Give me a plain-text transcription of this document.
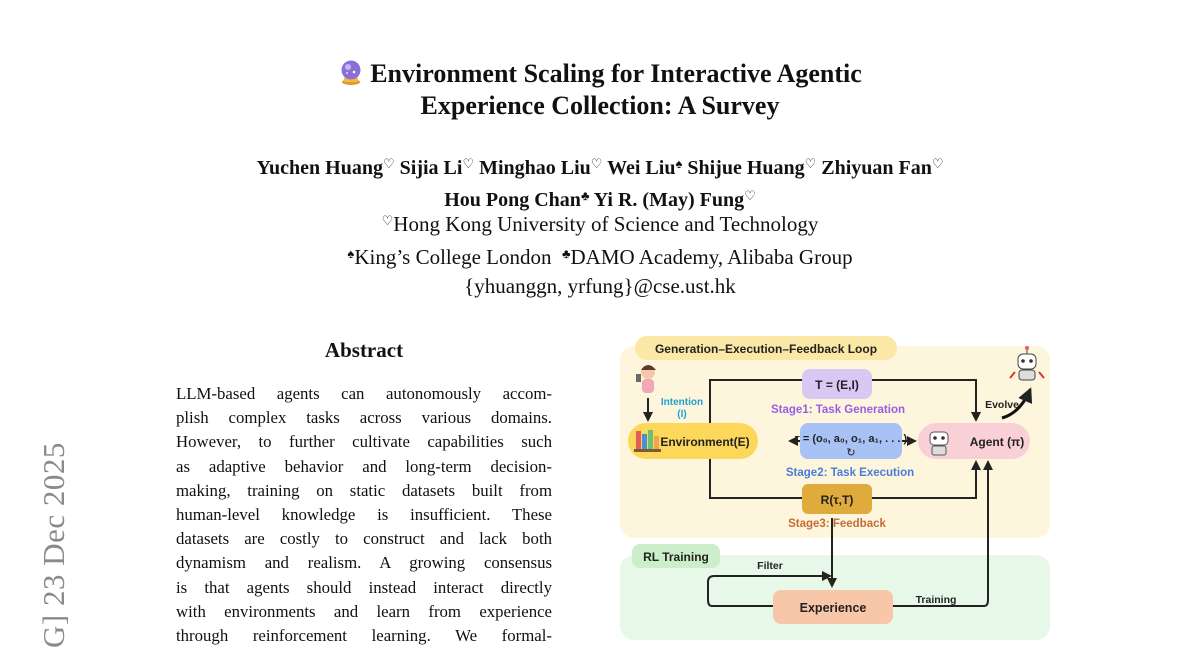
G] 23 Dec 2025
Environment Scaling for Interactive Agentic
Experience Collection: A Survey
Yuchen Huang♡ Sijia Li♡ Minghao Liu♡ Wei Liu♠ Shijue Huang♡ Zhiyuan Fan♡
Hou Pong Chan♣ Yi R. (May) Fung♡
♡Hong Kong University of Science and Technology
♠King’s College London ♣DAMO Academy, Alibaba Group
{yhuanggn, yrfung}@cse.ust.hk
Abstract
LLM-based agents can autonomously accom-
plish complex tasks across various domains.
However, to further cultivate capabilities such
as adaptive behavior and long-term decision-
making, training on static datasets built from
human-level knowledge is insufficient. These
datasets are costly to construct and lack both
dynamism and realism. A growing consensus
is that agents should instead interact directly
with environments and learn from experience
through reinforcement learning. We formal-
Generation–Execution–Feedback Loop
RL Training
T = (E,I)
Stage1: Task Generation
Environment(E)
Intention
(I)
τ = (o₀, a₀, o₁, a₁, . . . )
↻
Stage2: Task Execution
Agent (π)
Evolve
R(τ,T)
Stage3: Feedback
Experience
Filter
Training
